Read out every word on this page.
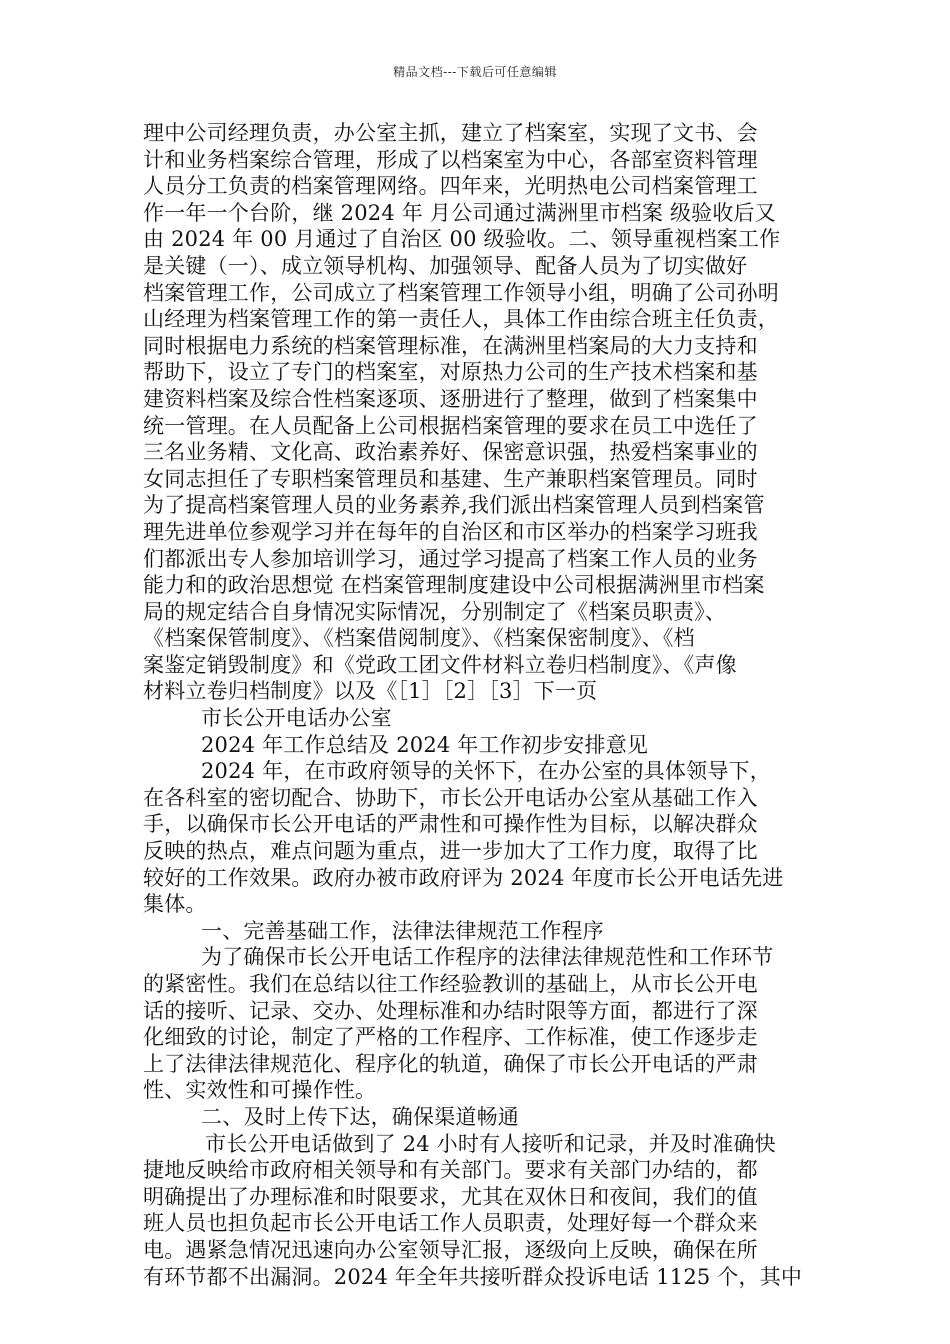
精品文档---下载后可任意编辑
理中公司经理负责，办公室主抓，建立了档案室，实现了文书、会
计和业务档案综合管理，形成了以档案室为中心，各部室资料管理
人员分工负责的档案管理网络。四年来，光明热电公司档案管理工
作一年一个台阶，继 2024 年 月公司通过满洲里市档案 级验收后又
由 2024 年 00 月通过了自治区 00 级验收。二、领导重视档案工作
是关键（一）、成立领导机构、加强领导、配备人员为了切实做好
档案管理工作，公司成立了档案管理工作领导小组，明确了公司孙明
山经理为档案管理工作的第一责任人，具体工作由综合班主任负责，
同时根据电力系统的档案管理标准，在满洲里档案局的大力支持和
帮助下，设立了专门的档案室，对原热力公司的生产技术档案和基
建资料档案及综合性档案逐项、逐册进行了整理，做到了档案集中
统一管理。在人员配备上公司根据档案管理的要求在员工中选任了
三名业务精、文化高、政治素养好、保密意识强，热爱档案事业的
女同志担任了专职档案管理员和基建、生产兼职档案管理员。同时
为了提高档案管理人员的业务素养,我们派出档案管理人员到档案管
理先进单位参观学习并在每年的自治区和市区举办的档案学习班我
们都派出专人参加培训学习，通过学习提高了档案工作人员的业务
能力和的政治思想觉 在档案管理制度建设中公司根据满洲里市档案
局的规定结合自身情况实际情况，分别制定了《档案员职责》、
《档案保管制度》、《档案借阅制度》、《档案保密制度》、《档
案鉴定销毁制度》和《党政工团文件材料立卷归档制度》、《声像
材料立卷归档制度》以及《［1］［2］［3］下一页
市长公开电话办公室
2024 年工作总结及 2024 年工作初步安排意见
2024 年，在市政府领导的关怀下，在办公室的具体领导下，
在各科室的密切配合、协助下，市长公开电话办公室从基础工作入
手，以确保市长公开电话的严肃性和可操作性为目标，以解决群众
反映的热点，难点问题为重点，进一步加大了工作力度，取得了比
较好的工作效果。政府办被市政府评为 2024 年度市长公开电话先进
集体。
一、完善基础工作，法律法律规范工作程序
为了确保市长公开电话工作程序的法律法律规范性和工作环节
的紧密性。我们在总结以往工作经验教训的基础上，从市长公开电
话的接听、记录、交办、处理标准和办结时限等方面，都进行了深
化细致的讨论，制定了严格的工作程序、工作标准，使工作逐步走
上了法律法律规范化、程序化的轨道，确保了市长公开电话的严肃
性、实效性和可操作性。
二、及时上传下达，确保渠道畅通
市长公开电话做到了 24 小时有人接听和记录，并及时准确快
捷地反映给市政府相关领导和有关部门。要求有关部门办结的，都
明确提出了办理标准和时限要求，尤其在双休日和夜间，我们的值
班人员也担负起市长公开电话工作人员职责，处理好每一个群众来
电。遇紧急情况迅速向办公室领导汇报，逐级向上反映，确保在所
有环节都不出漏洞。2024 年全年共接听群众投诉电话 1125 个，其中
